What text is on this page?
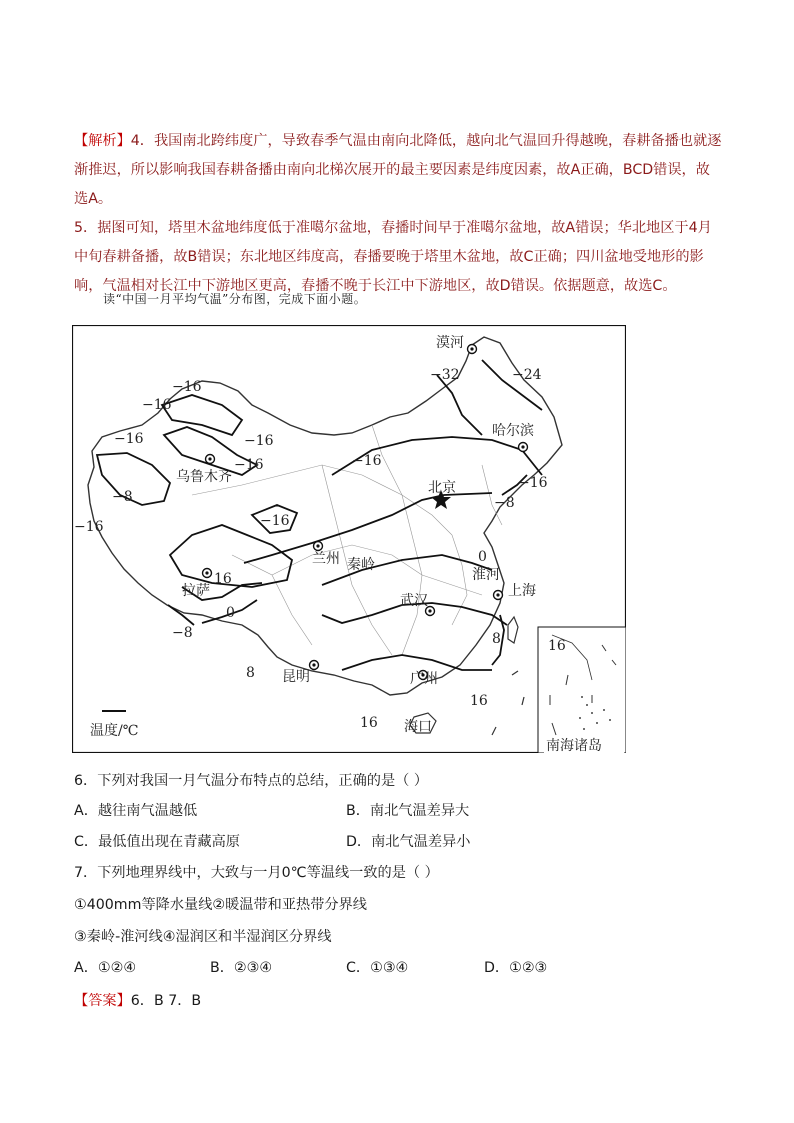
【解析】4．我国南北跨纬度广，导致春季气温由南向北降低，越向北气温回升得越晚，春耕备播也就逐渐推迟，所以影响我国春耕备播由南向北梯次展开的最主要因素是纬度因素，故A正确，BCD错误，故选A。
5．据图可知，塔里木盆地纬度低于准噶尔盆地，春播时间早于准噶尔盆地，故A错误；华北地区于4月中旬春耕备播，故B错误；东北地区纬度高，春播要晚于塔里木盆地，故C正确；四川盆地受地形的影响，气温相对长江中下游地区更高，春播不晚于长江中下游地区，故D错误。依据题意，故选C。
读“中国一月平均气温”分布图，完成下面小题。
南海诸岛
16
漠河
哈尔滨
乌鲁木齐
北京
兰州 秦岭
淮河
上海
拉萨
武汉
昆明	广州
海口
−16
−16
−16
−16
−16
−8
−16	−16
−32	−24
−16
−8
−16
0
16
0
−8	8
8
16
16
温度/℃
6．下列对我国一月气温分布特点的总结，正确的是（ ）
A．越往南气温越低	B．南北气温差异大
C．最低值出现在青藏高原	D．南北气温差异小
7．下列地理界线中，大致与一月0℃等温线一致的是（ ）
①400mm等降水量线②暖温带和亚热带分界线
③秦岭-淮河线④湿润区和半湿润区分界线
A．①②④	B．②③④	C．①③④	D．①②③
【答案】6．B 7．B
